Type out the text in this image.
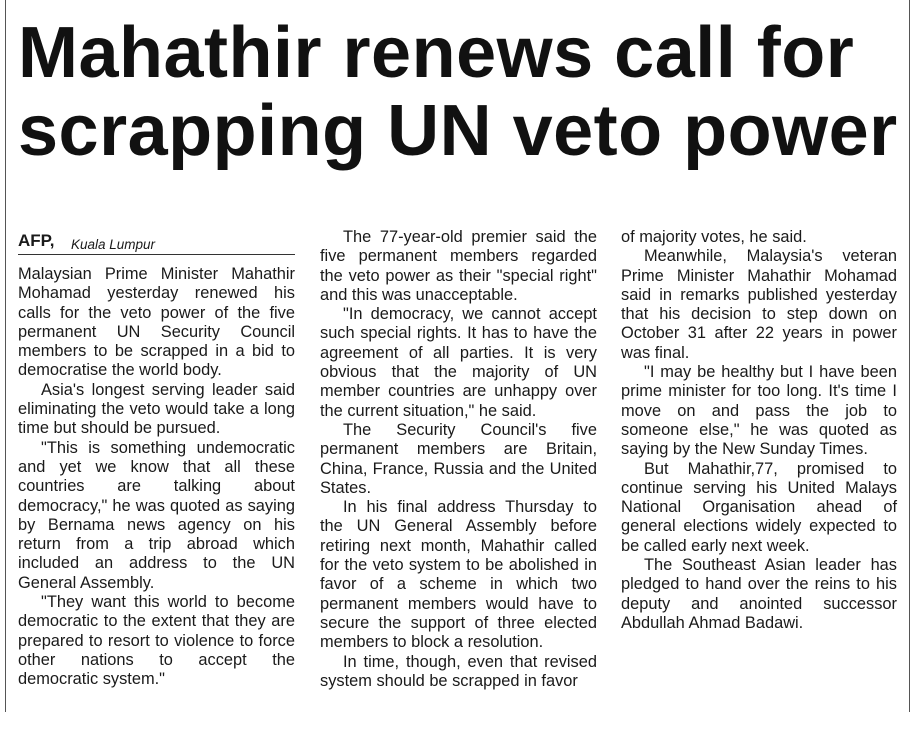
Mahathir renews call for
scrapping UN veto power
AFP, Kuala Lumpur

Malaysian Prime Minister Mahathir Mohamad yesterday renewed his calls for the veto power of the five permanent UN Security Council members to be scrapped in a bid to democratise the world body.

Asia's longest serving leader said eliminating the veto would take a long time but should be pursued.

"This is something undemocratic and yet we know that all these countries are talking about democracy," he was quoted as saying by Bernama news agency on his return from a trip abroad which included an address to the UN General Assembly.

"They want this world to become democratic to the extent that they are prepared to resort to violence to force other nations to accept the democratic system."

The 77-year-old premier said the five permanent members regarded the veto power as their "special right" and this was unacceptable.

"In democracy, we cannot accept such special rights. It has to have the agreement of all parties. It is very obvious that the majority of UN member countries are unhappy over the current situation," he said.

The Security Council's five permanent members are Britain, China, France, Russia and the United States.

In his final address Thursday to the UN General Assembly before retiring next month, Mahathir called for the veto system to be abolished in favor of a scheme in which two permanent members would have to secure the support of three elected members to block a resolution.

In time, though, even that revised system should be scrapped in favor

of majority votes, he said.

Meanwhile, Malaysia's veteran Prime Minister Mahathir Mohamad said in remarks published yesterday that his decision to step down on October 31 after 22 years in power was final.

"I may be healthy but I have been prime minister for too long. It's time I move on and pass the job to someone else," he was quoted as saying by the New Sunday Times.

But Mahathir,77, promised to continue serving his United Malays National Organisation ahead of general elections widely expected to be called early next week.

The Southeast Asian leader has pledged to hand over the reins to his deputy and anointed successor Abdullah Ahmad Badawi.
